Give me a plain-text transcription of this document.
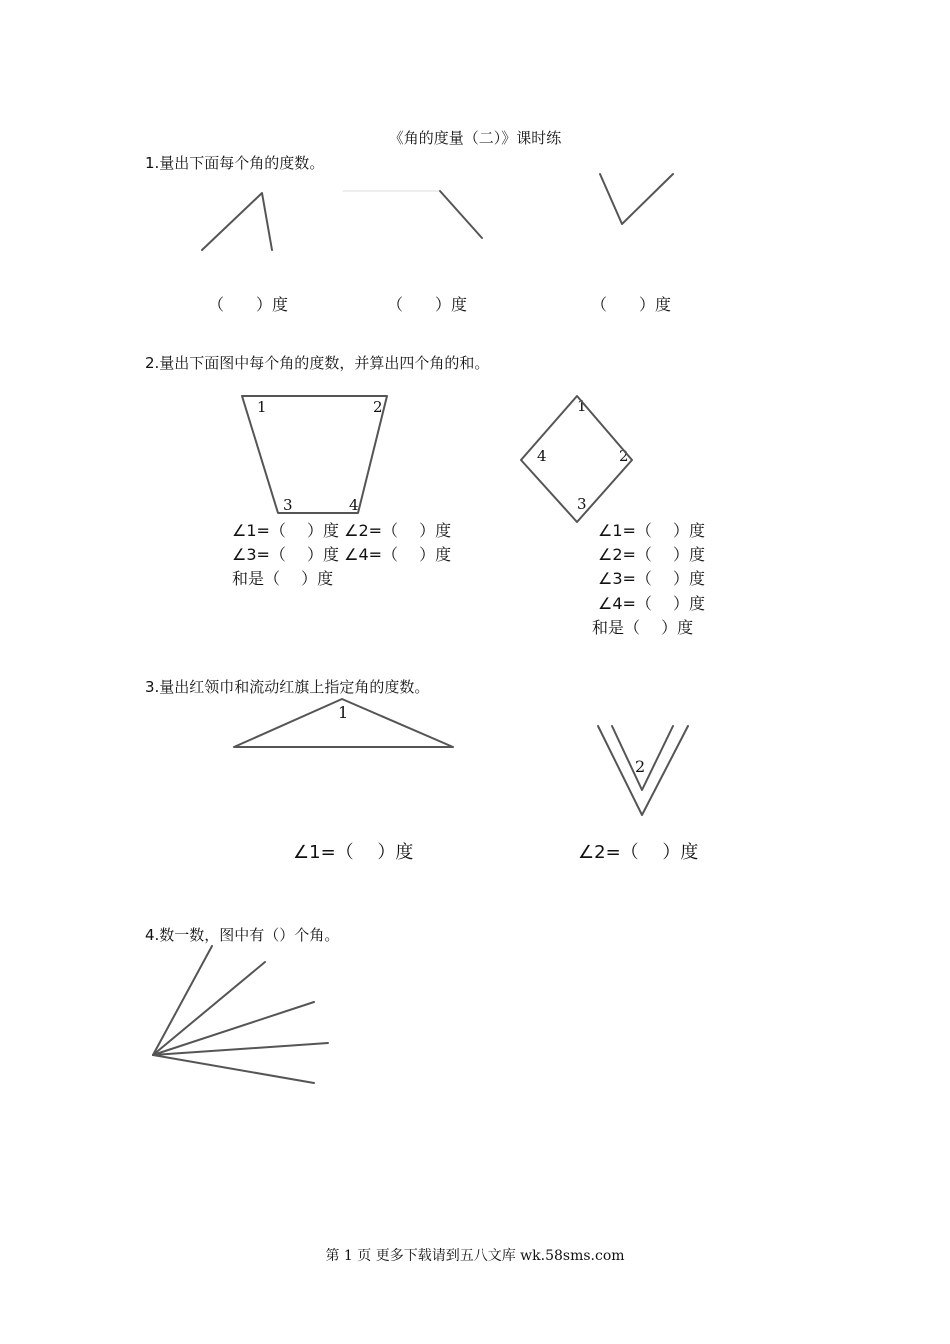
《角的度量（二）》课时练
1.量出下面每个角的度数。
（　　）度	（　　）度	（　　）度
2.量出下面图中每个角的度数，并算出四个角的和。
1	2
3	4
∠1=（　 ）度 ∠2=（　 ）度
∠3=（　 ）度 ∠4=（　 ）度
和是（　 ）度
1
2
3
4
∠1=（　 ）度
∠2=（　 ）度
∠3=（　 ）度
∠4=（　 ）度
和是（　 ）度
3.量出红领巾和流动红旗上指定角的度数。
1
2
∠1=（　 ）度	∠2=（　 ）度
4.数一数，图中有（）个角。
第 1 页 更多下载请到五八文库 wk.58sms.com
